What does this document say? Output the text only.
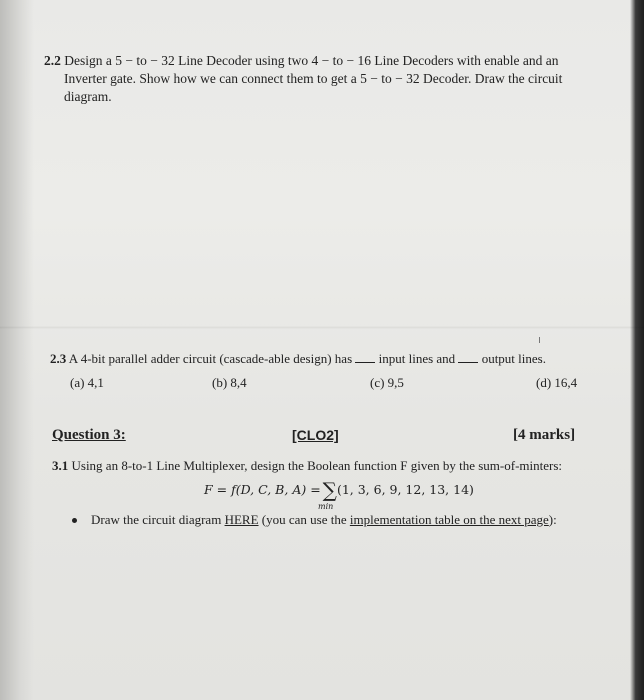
2.2 Design a 5 − to − 32 Line Decoder using two 4 − to − 16 Line Decoders with enable and an
Inverter gate. Show how we can connect them to get a 5 − to − 32 Decoder. Draw the circuit
diagram.

2.3 A 4-bit parallel adder circuit (cascade-able design) has input lines and output lines.

(a) 4,1	(b) 8,4	(c) 9,5	(d) 16,4

Question 3:	[CLO2]	[4 marks]

3.1 Using an 8-to-1 Line Multiplexer, design the Boolean function F given by the sum-of-minters:

F = f(D, C, B, A) = ∑(1, 3, 6, 9, 12, 13, 14)

min

Draw the circuit diagram HERE (you can use the implementation table on the next page):
